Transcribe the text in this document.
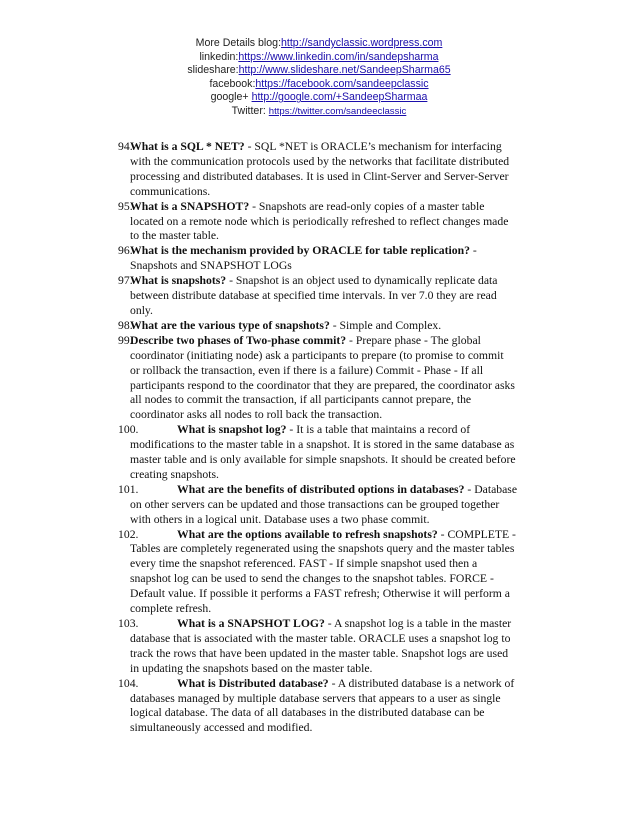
More Details blog:http://sandyclassic.wordpress.com
linkedin:https://www.linkedin.com/in/sandepsharma
slideshare:http://www.slideshare.net/SandeepSharma65
facebook:https://facebook.com/sandeepclassic
google+ http://google.com/+SandeepSharmaa
Twitter: https://twitter.com/sandeeclassic
94.
What is a SQL * NET? - SQL *NET is ORACLE’s mechanism for interfacing
with the communication protocols used by the networks that facilitate distributed
processing and distributed databases. It is used in Clint-Server and Server-Server
communications.
95.
What is a SNAPSHOT? - Snapshots are read-only copies of a master table
located on a remote node which is periodically refreshed to reflect changes made
to the master table.
96.
What is the mechanism provided by ORACLE for table replication? -
Snapshots and SNAPSHOT LOGs
97.
What is snapshots? - Snapshot is an object used to dynamically replicate data
between distribute database at specified time intervals. In ver 7.0 they are read
only.
98.
What are the various type of snapshots? - Simple and Complex.
99.
Describe two phases of Two-phase commit? - Prepare phase - The global
coordinator (initiating node) ask a participants to prepare (to promise to commit
or rollback the transaction, even if there is a failure) Commit - Phase - If all
participants respond to the coordinator that they are prepared, the coordinator asks
all nodes to commit the transaction, if all participants cannot prepare, the
coordinator asks all nodes to roll back the transaction.
100.	What is snapshot log? - It is a table that maintains a record of
modifications to the master table in a snapshot. It is stored in the same database as
master table and is only available for simple snapshots. It should be created before
creating snapshots.
101.	What are the benefits of distributed options in databases? - Database
on other servers can be updated and those transactions can be grouped together
with others in a logical unit. Database uses a two phase commit.
102.	What are the options available to refresh snapshots? - COMPLETE -
Tables are completely regenerated using the snapshots query and the master tables
every time the snapshot referenced. FAST - If simple snapshot used then a
snapshot log can be used to send the changes to the snapshot tables. FORCE -
Default value. If possible it performs a FAST refresh; Otherwise it will perform a
complete refresh.
103.	What is a SNAPSHOT LOG? - A snapshot log is a table in the master
database that is associated with the master table. ORACLE uses a snapshot log to
track the rows that have been updated in the master table. Snapshot logs are used
in updating the snapshots based on the master table.
104.	What is Distributed database? - A distributed database is a network of
databases managed by multiple database servers that appears to a user as single
logical database. The data of all databases in the distributed database can be
simultaneously accessed and modified.
